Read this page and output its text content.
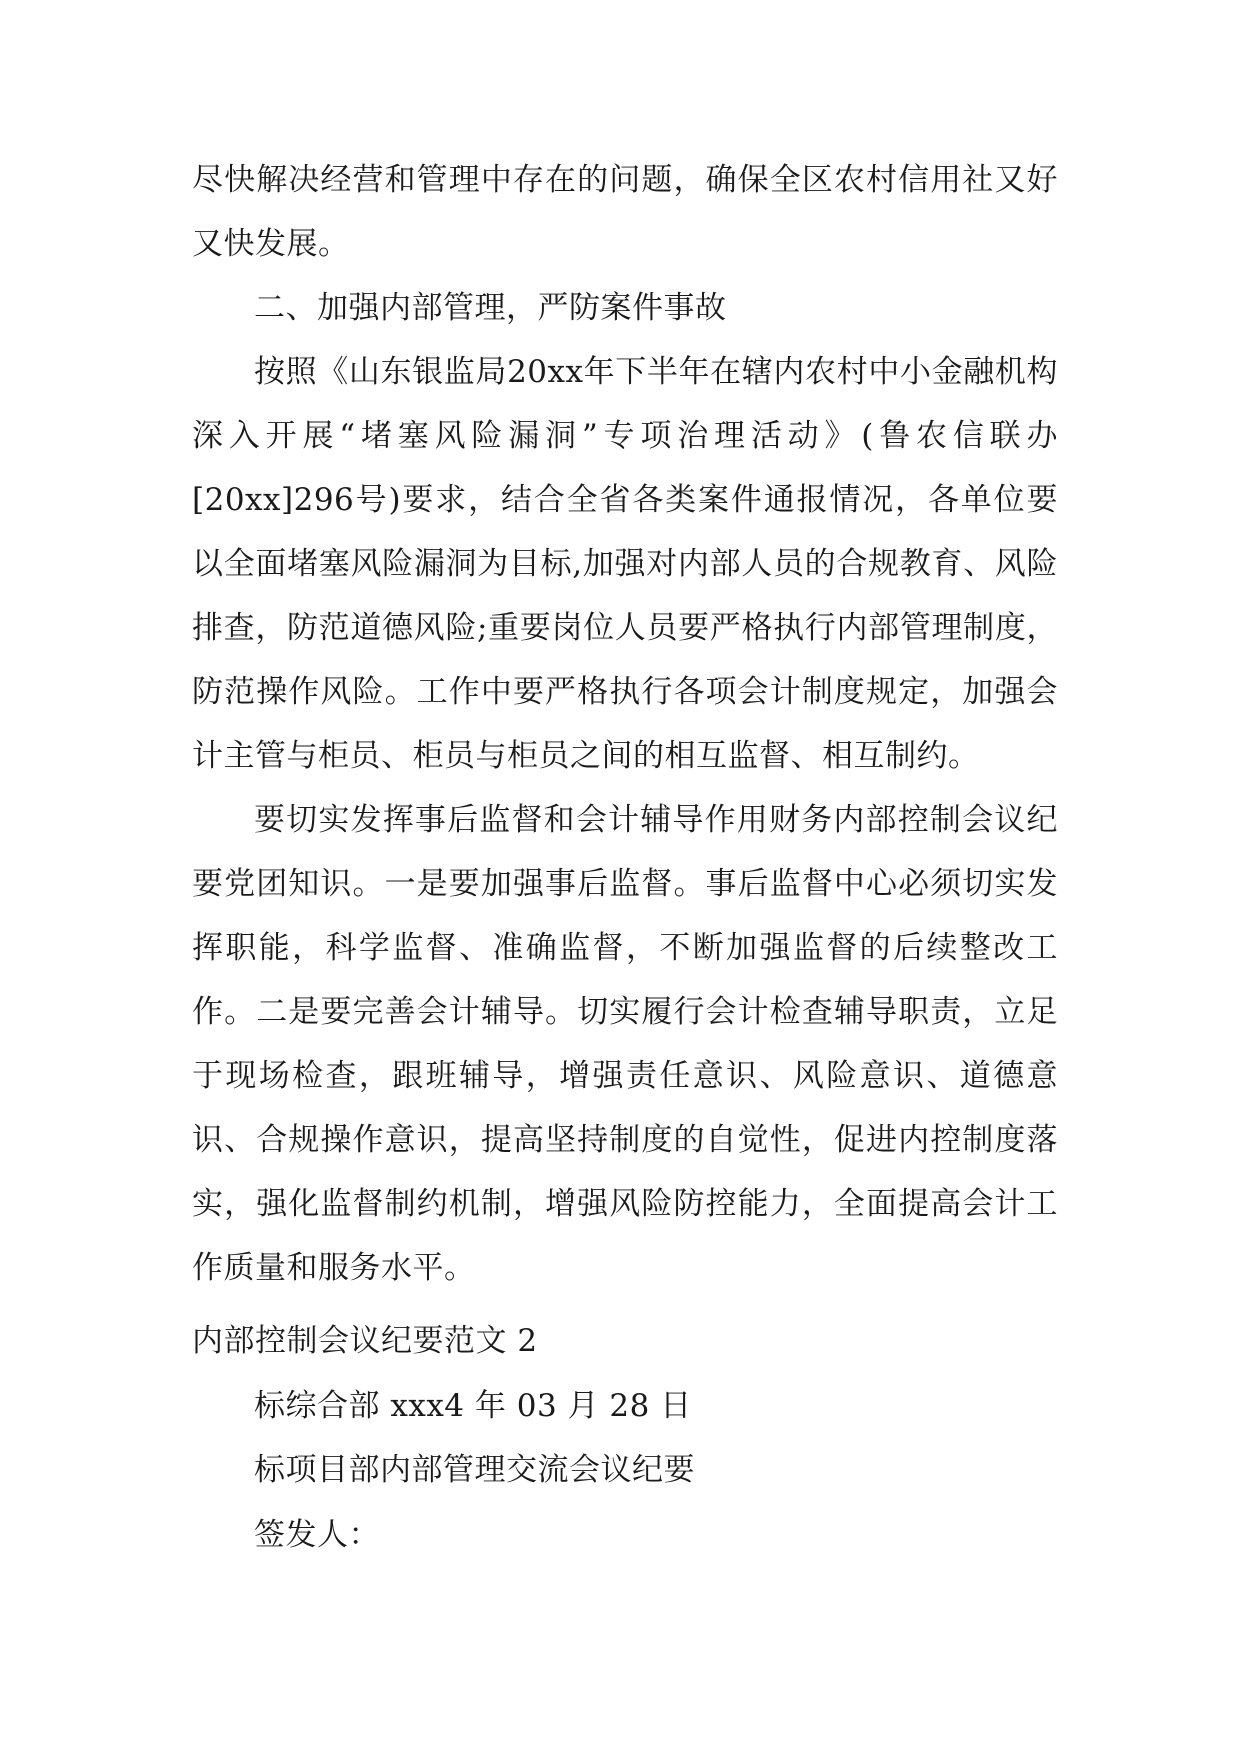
尽快解决经营和管理中存在的问题，确保全区农村信用社又好又快发展。

二、加强内部管理，严防案件事故

按照《山东银监局20xx年下半年在辖内农村中小金融机构深入开展“堵塞风险漏洞”专项治理活动》(鲁农信联办[20xx]296号)要求，结合全省各类案件通报情况，各单位要以全面堵塞风险漏洞为目标,加强对内部人员的合规教育、风险排查，防范道德风险;重要岗位人员要严格执行内部管理制度，防范操作风险。工作中要严格执行各项会计制度规定，加强会计主管与柜员、柜员与柜员之间的相互监督、相互制约。

要切实发挥事后监督和会计辅导作用财务内部控制会议纪要党团知识。一是要加强事后监督。事后监督中心必须切实发挥职能，科学监督、准确监督，不断加强监督的后续整改工作。二是要完善会计辅导。切实履行会计检查辅导职责，立足于现场检查，跟班辅导，增强责任意识、风险意识、道德意识、合规操作意识，提高坚持制度的自觉性，促进内控制度落实，强化监督制约机制，增强风险防控能力，全面提高会计工作质量和服务水平。

内部控制会议纪要范文 2
标综合部 xxx4 年 03 月 28 日
标项目部内部管理交流会议纪要
签发人：
